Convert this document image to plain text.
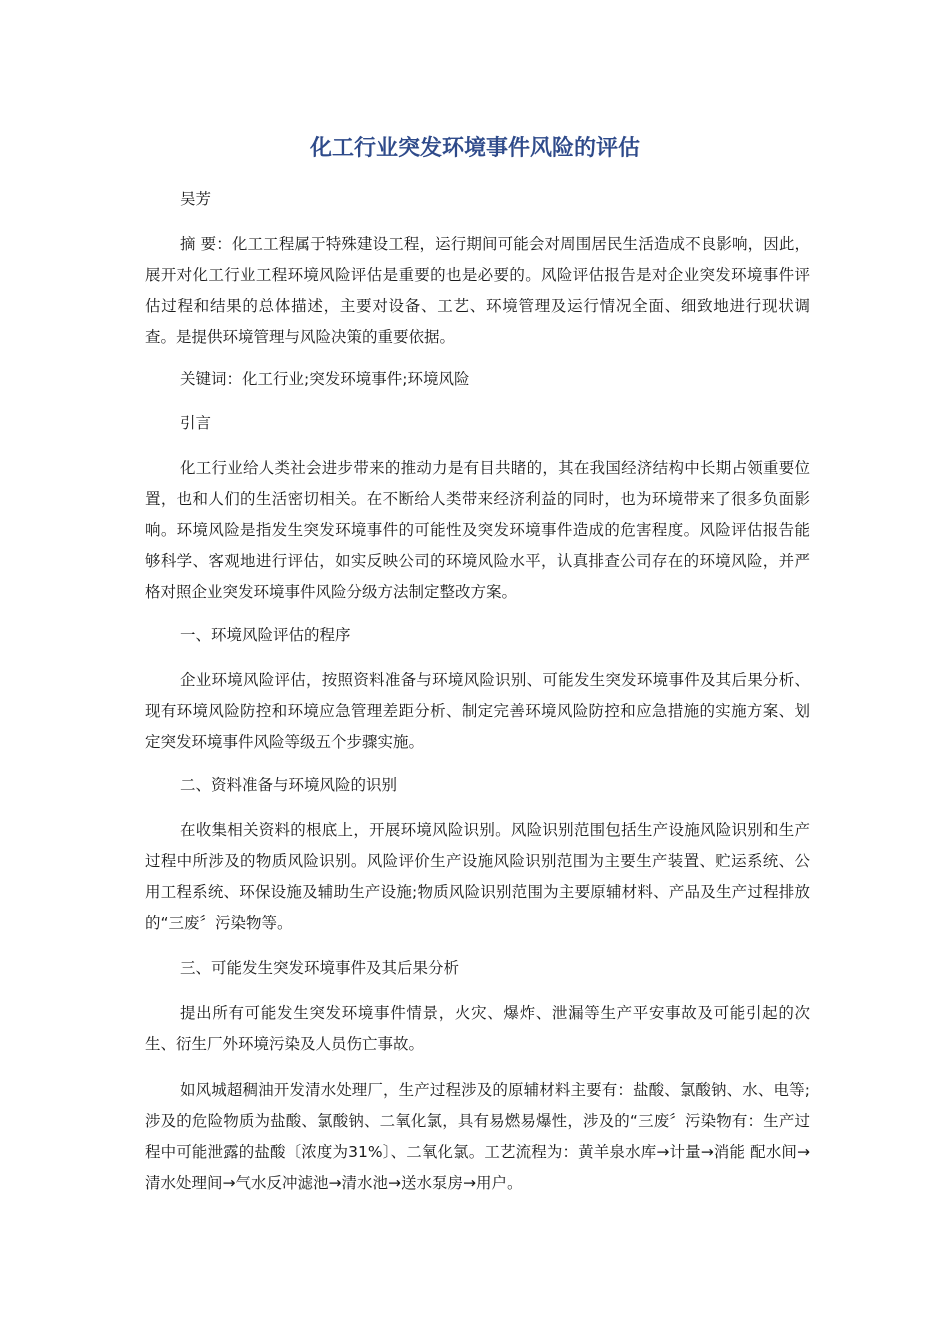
化工行业突发环境事件风险的评估

吴芳

摘 要：化工工程属于特殊建设工程，运行期间可能会对周围居民生活造成不良影响，因此，展开对化工行业工程环境风险评估是重要的也是必要的。风险评估报告是对企业突发环境事件评估过程和结果的总体描述，主要对设备、工艺、环境管理及运行情况全面、细致地进行现状调查。是提供环境管理与风险决策的重要依据。

关键词：化工行业;突发环境事件;环境风险

引言

化工行业给人类社会进步带来的推动力是有目共睹的，其在我国经济结构中长期占领重要位置，也和人们的生活密切相关。在不断给人类带来经济利益的同时，也为环境带来了很多负面影响。环境风险是指发生突发环境事件的可能性及突发环境事件造成的危害程度。风险评估报告能够科学、客观地进行评估，如实反映公司的环境风险水平，认真排查公司存在的环境风险，并严格对照企业突发环境事件风险分级方法制定整改方案。

一、环境风险评估的程序

企业环境风险评估，按照资料准备与环境风险识别、可能发生突发环境事件及其后果分析、现有环境风险防控和环境应急管理差距分析、制定完善环境风险防控和应急措施的实施方案、划定突发环境事件风险等级五个步骤实施。

二、资料准备与环境风险的识别

在收集相关资料的根底上，开展环境风险识别。风险识别范围包括生产设施风险识别和生产过程中所涉及的物质风险识别。风险评价生产设施风险识别范围为主要生产装置、贮运系统、公用工程系统、环保设施及辅助生产设施;物质风险识别范围为主要原辅材料、产品及生产过程排放的“三废〞污染物等。

三、可能发生突发环境事件及其后果分析

提出所有可能发生突发环境事件情景，火灾、爆炸、泄漏等生产平安事故及可能引起的次生、衍生厂外环境污染及人员伤亡事故。

如风城超稠油开发清水处理厂，生产过程涉及的原辅材料主要有：盐酸、氯酸钠、水、电等;涉及的危险物质为盐酸、氯酸钠、二氧化氯，具有易燃易爆性，涉及的“三废〞污染物有：生产过程中可能泄露的盐酸〔浓度为31%〕、二氧化氯。工艺流程为：黄羊泉水库→计量→消能 配水间→清水处理间→气水反冲滤池→清水池→送水泵房→用户。
